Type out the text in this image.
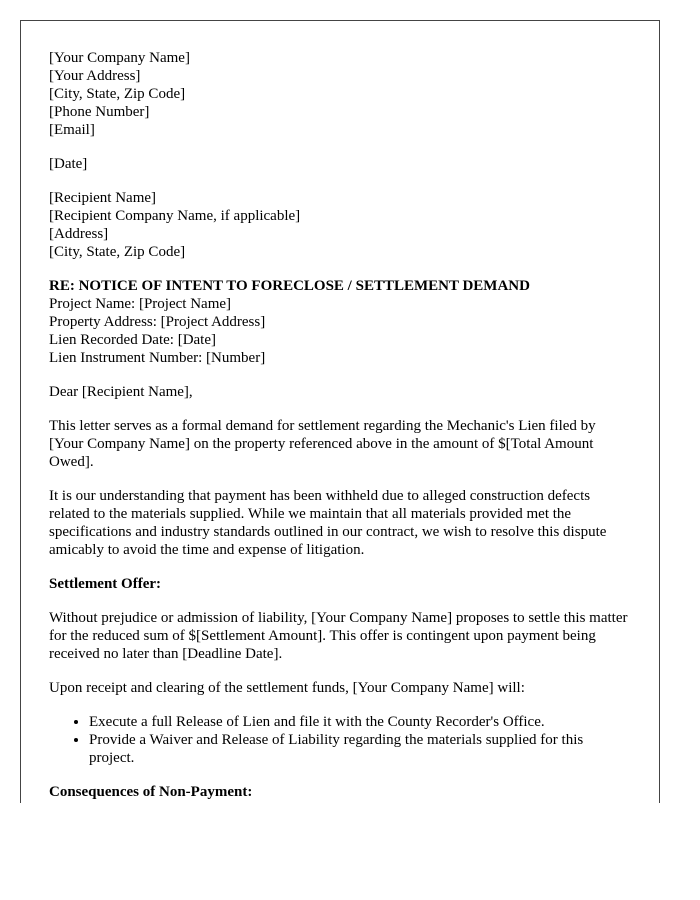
[Your Company Name]
[Your Address]
[City, State, Zip Code]
[Phone Number]
[Email]
[Date]
[Recipient Name]
[Recipient Company Name, if applicable]
[Address]
[City, State, Zip Code]
RE: NOTICE OF INTENT TO FORECLOSE / SETTLEMENT DEMAND
Project Name: [Project Name]
Property Address: [Project Address]
Lien Recorded Date: [Date]
Lien Instrument Number: [Number]

Dear [Recipient Name],

This letter serves as a formal demand for settlement regarding the Mechanic's Lien filed by [Your Company Name] on the property referenced above in the amount of $[Total Amount Owed].

It is our understanding that payment has been withheld due to alleged construction defects related to the materials supplied. While we maintain that all materials provided met the specifications and industry standards outlined in our contract, we wish to resolve this dispute amicably to avoid the time and expense of litigation.

Settlement Offer:

Without prejudice or admission of liability, [Your Company Name] proposes to settle this matter for the reduced sum of $[Settlement Amount]. This offer is contingent upon payment being received no later than [Deadline Date].

Upon receipt and clearing of the settlement funds, [Your Company Name] will:

• Execute a full Release of Lien and file it with the County Recorder's Office.
• Provide a Waiver and Release of Liability regarding the materials supplied for this project.
Consequences of Non-Payment:
